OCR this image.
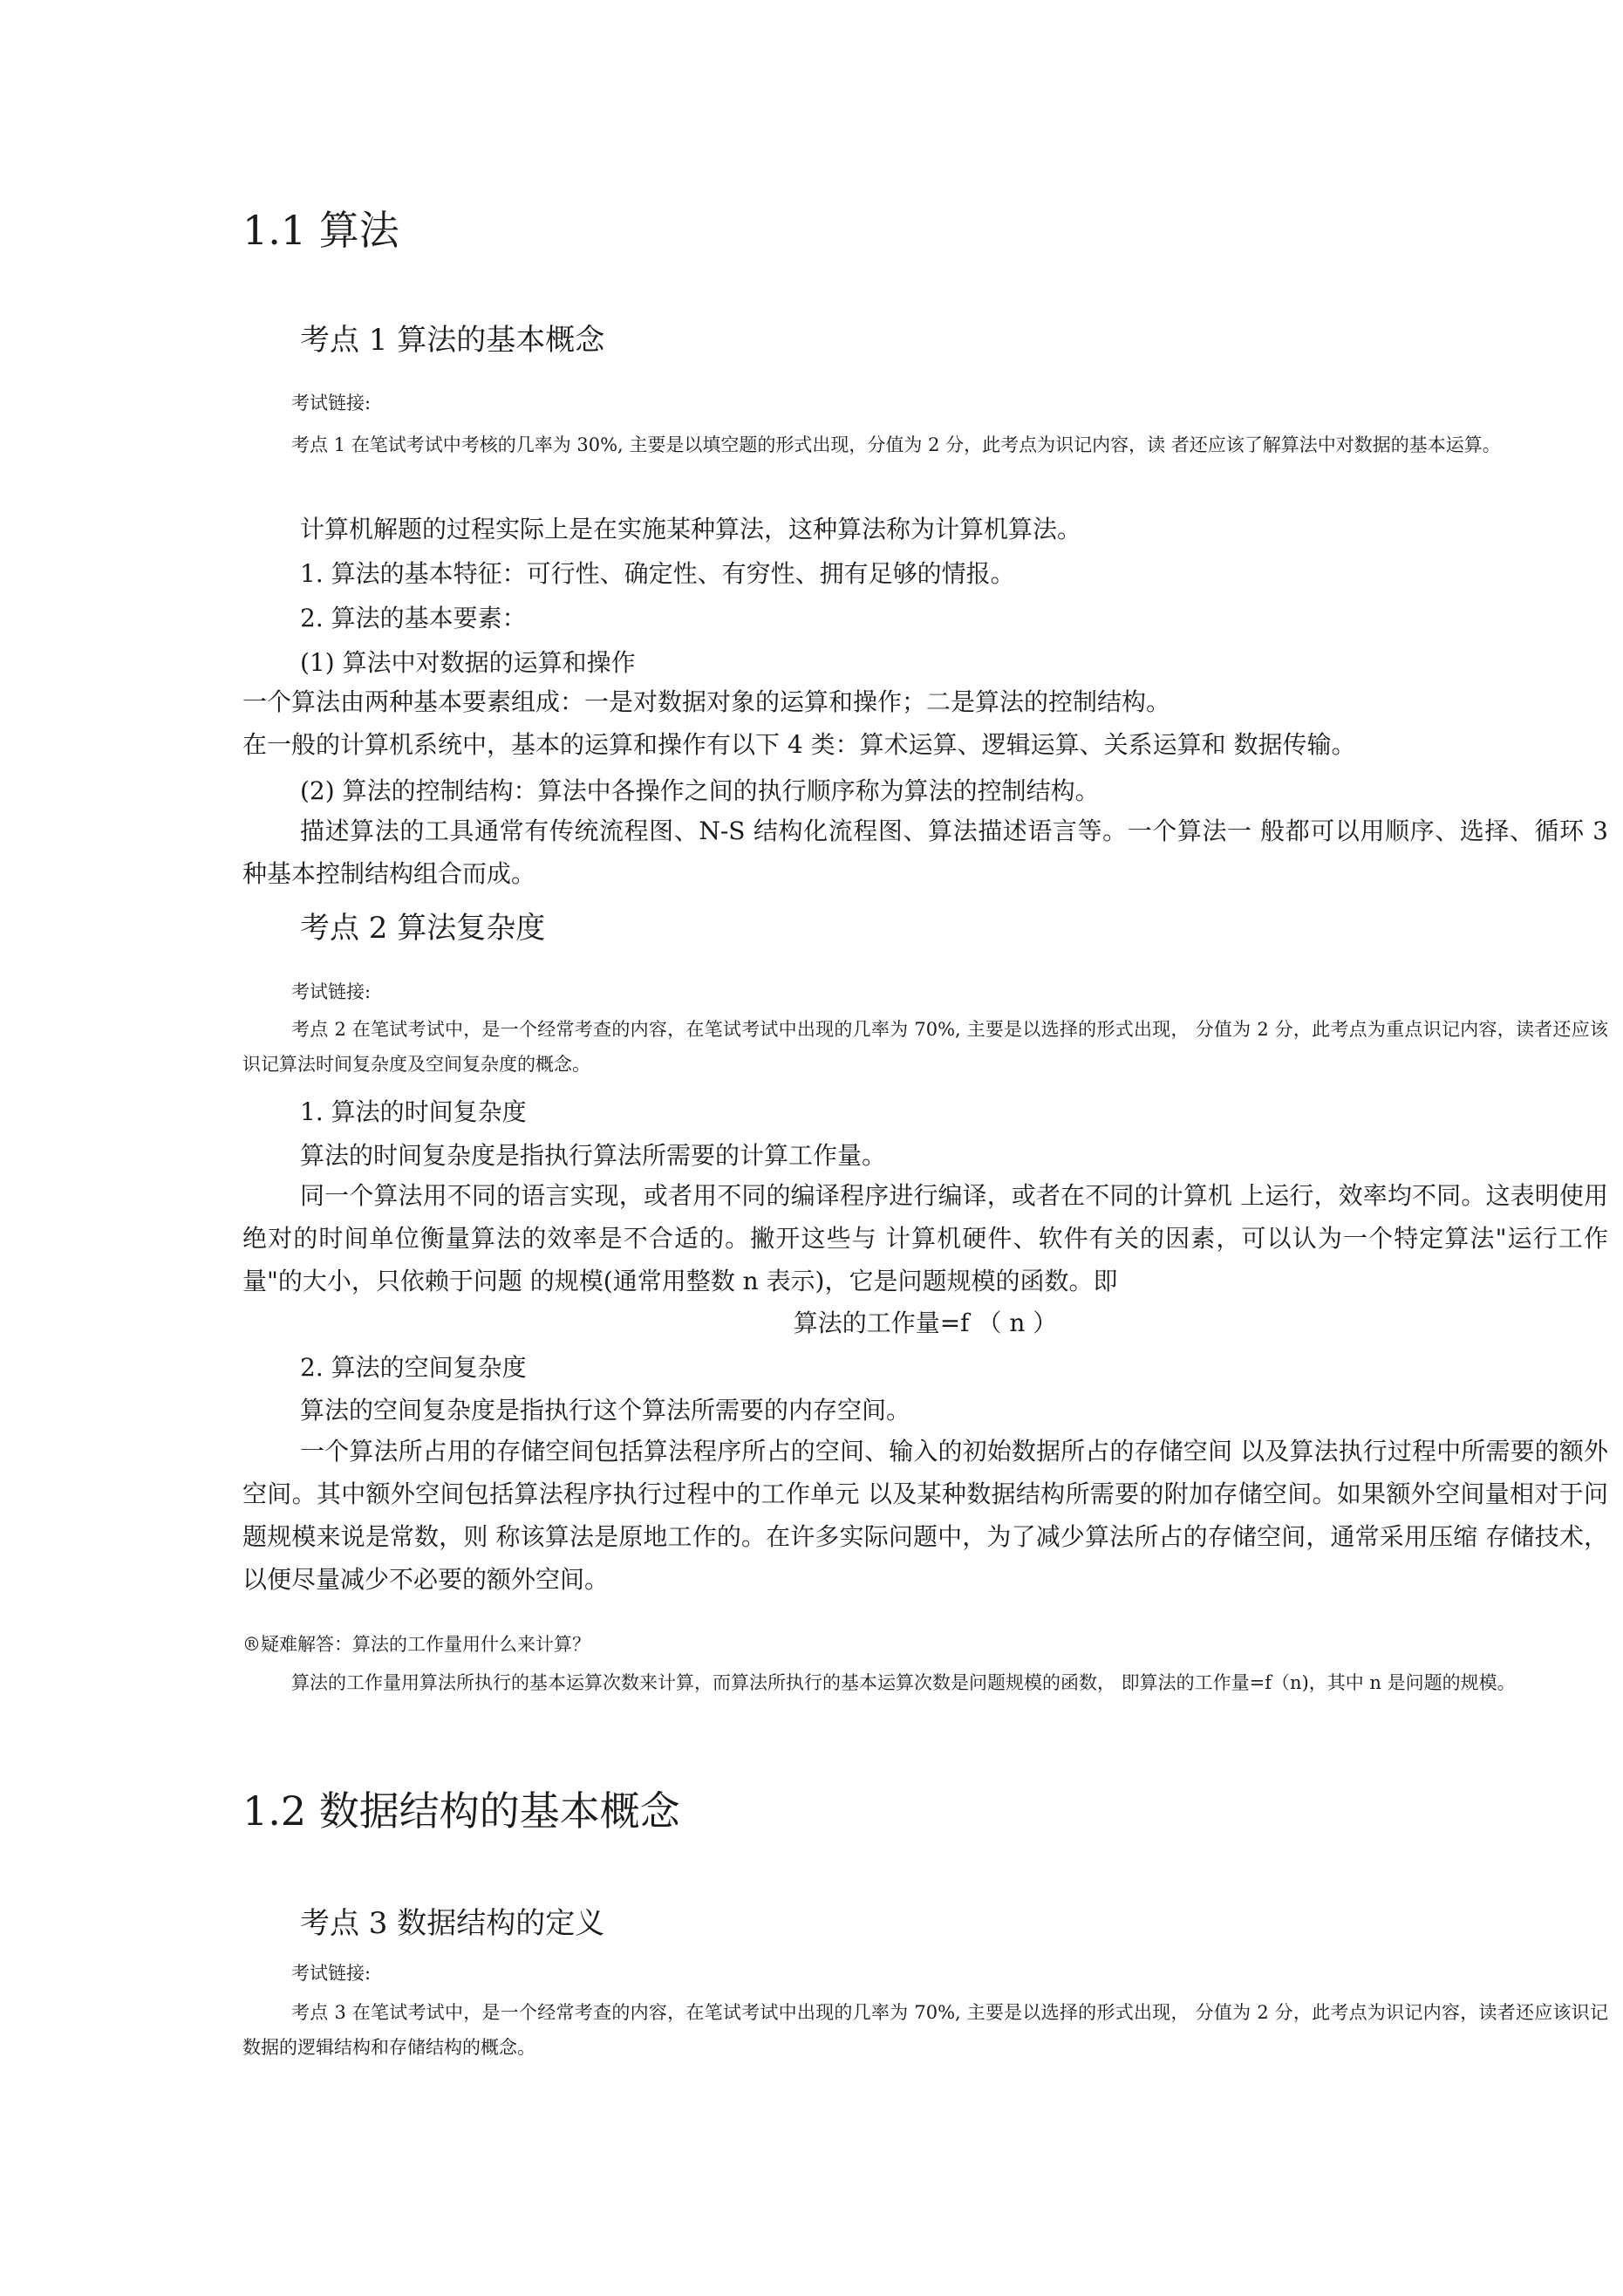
1.1 算法
考点 1 算法的基本概念
考试链接:
考点 1 在笔试考试中考核的几率为 30%, 主要是以填空题的形式出现，分值为 2 分，此考点为识记内容，读 者还应该了解算法中对数据的基本运算。
计算机解题的过程实际上是在实施某种算法，这种算法称为计算机算法。
1. 算法的基本特征：可行性、确定性、有穷性、拥有足够的情报。
2. 算法的基本要素：
(1) 算法中对数据的运算和操作
一个算法由两种基本要素组成：一是对数据对象的运算和操作；二是算法的控制结构。
在一般的计算机系统中，基本的运算和操作有以下 4 类：算术运算、逻辑运算、关系运算和 数据传输。
(2) 算法的控制结构：算法中各操作之间的执行顺序称为算法的控制结构。
描述算法的工具通常有传统流程图、N-S 结构化流程图、算法描述语言等。一个算法一 般都可以用顺序、选择、循环 3 种基本控制结构组合而成。
考点 2 算法复杂度
考试链接:
考点 2 在笔试考试中，是一个经常考查的内容，在笔试考试中出现的几率为 70%, 主要是以选择的形式出现， 分值为 2 分，此考点为重点识记内容，读者还应该识记算法时间复杂度及空间复杂度的概念。
1. 算法的时间复杂度
算法的时间复杂度是指执行算法所需要的计算工作量。
同一个算法用不同的语言实现，或者用不同的编译程序进行编译，或者在不同的计算机 上运行，效率均不同。这表明使用绝对的时间单位衡量算法的效率是不合适的。撇开这些与 计算机硬件、软件有关的因素，可以认为一个特定算法"运行工作量"的大小，只依赖于问题 的规模(通常用整数 n 表示)，它是问题规模的函数。即
算法的工作量=f （ n ）
2. 算法的空间复杂度
算法的空间复杂度是指执行这个算法所需要的内存空间。
一个算法所占用的存储空间包括算法程序所占的空间、输入的初始数据所占的存储空间 以及算法执行过程中所需要的额外空间。其中额外空间包括算法程序执行过程中的工作单元 以及某种数据结构所需要的附加存储空间。如果额外空间量相对于问题规模来说是常数，则 称该算法是原地工作的。在许多实际问题中，为了减少算法所占的存储空间，通常采用压缩 存储技术，以便尽量减少不必要的额外空间。
®疑难解答：算法的工作量用什么来计算？
算法的工作量用算法所执行的基本运算次数来计算，而算法所执行的基本运算次数是问题规模的函数， 即算法的工作量=f（n)，其中 n 是问题的规模。
1.2 数据结构的基本概念
考点 3 数据结构的定义
考试链接:
考点 3 在笔试考试中，是一个经常考查的内容，在笔试考试中出现的几率为 70%, 主要是以选择的形式出现， 分值为 2 分，此考点为识记内容，读者还应该识记数据的逻辑结构和存储结构的概念。
